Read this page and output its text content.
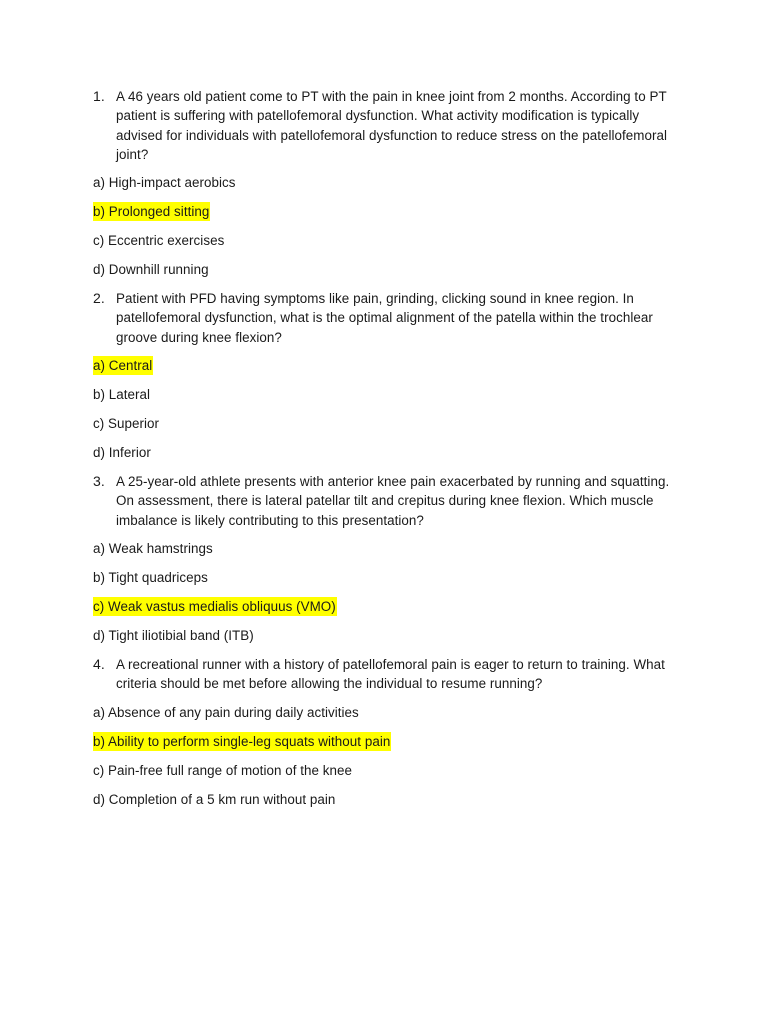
1. A 46 years old patient come to PT with the pain in knee joint from 2 months. According to PT patient is suffering with patellofemoral dysfunction. What activity modification is typically advised for individuals with patellofemoral dysfunction to reduce stress on the patellofemoral joint?
a) High-impact aerobics
b) Prolonged sitting
c) Eccentric exercises
d) Downhill running
2. Patient with PFD having symptoms like pain, grinding, clicking sound in knee region. In patellofemoral dysfunction, what is the optimal alignment of the patella within the trochlear groove during knee flexion?
a) Central
b) Lateral
c) Superior
d) Inferior
3. A 25-year-old athlete presents with anterior knee pain exacerbated by running and squatting. On assessment, there is lateral patellar tilt and crepitus during knee flexion. Which muscle imbalance is likely contributing to this presentation?
a) Weak hamstrings
b) Tight quadriceps
c) Weak vastus medialis obliquus (VMO)
d) Tight iliotibial band (ITB)
4. A recreational runner with a history of patellofemoral pain is eager to return to training. What criteria should be met before allowing the individual to resume running?
a) Absence of any pain during daily activities
b) Ability to perform single-leg squats without pain
c) Pain-free full range of motion of the knee
d) Completion of a 5 km run without pain
